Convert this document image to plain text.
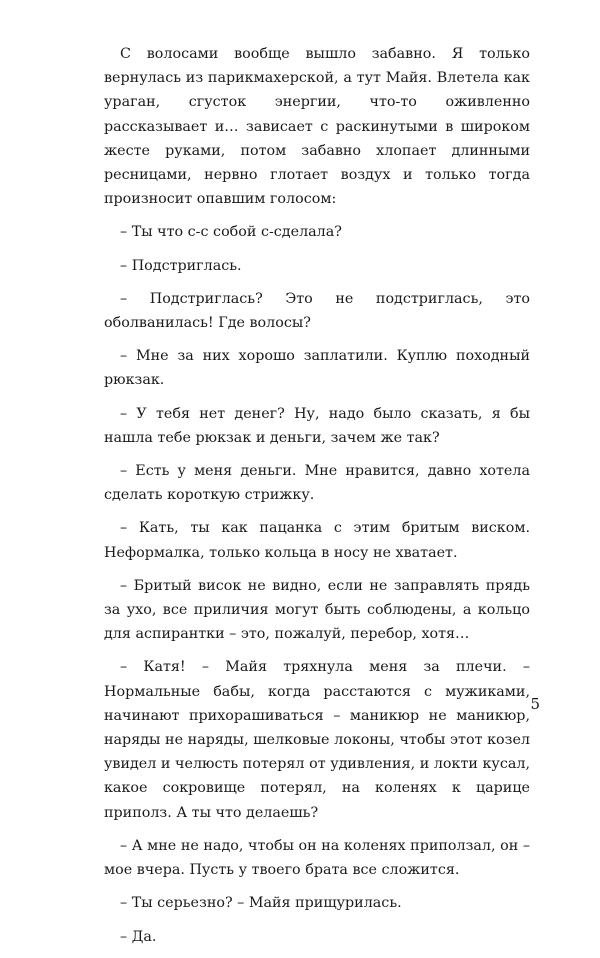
С волосами вообще вышло забавно. Я только вернулась из парикмахерской, а тут Майя. Влетела как ураган, сгусток энергии, что-то оживленно рассказывает и… зависает с раскинутыми в широком жесте руками, потом забавно хлопает длинными ресницами, нервно глотает воздух и только тогда произносит опавшим голосом:

– Ты что с-с собой с-сделала?

– Подстриглась.

– Подстриглась? Это не подстриглась, это оболванилась! Где волосы?

– Мне за них хорошо заплатили. Куплю походный рюкзак.

– У тебя нет денег? Ну, надо было сказать, я бы нашла тебе рюкзак и деньги, зачем же так?

– Есть у меня деньги. Мне нравится, давно хотела сделать короткую стрижку.

– Кать, ты как пацанка с этим бритым виском. Неформалка, только кольца в носу не хватает.

– Бритый висок не видно, если не заправлять прядь за ухо, все приличия могут быть соблюдены, а кольцо для аспирантки – это, пожалуй, перебор, хотя…

– Катя! – Майя тряхнула меня за плечи. – Нормальные бабы, когда расстаются с мужиками, начинают прихорашиваться – маникюр не маникюр, наряды не наряды, шелковые локоны, чтобы этот козел увидел и челюсть потерял от удивления, и локти кусал, какое сокровище потерял, на коленях к царице приполз. А ты что делаешь?

– А мне не надо, чтобы он на коленях приползал, он – мое вчера. Пусть у твоего брата все сложится.

– Ты серьезно? – Майя прищурилась.

– Да.

5
